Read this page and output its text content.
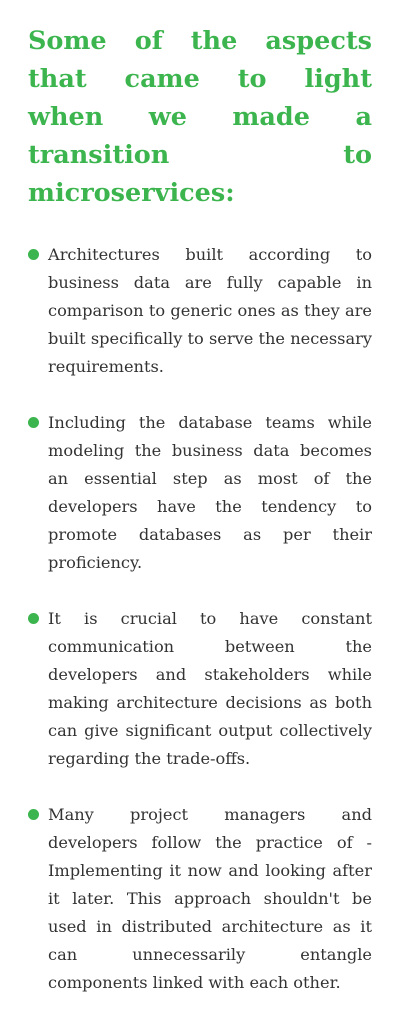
Some of the aspects that came to light when we made a transition to microservices:
Architectures built according to business data are fully capable in comparison to generic ones as they are built specifically to serve the necessary requirements.
Including the database teams while modeling the business data becomes an essential step as most of the developers have the tendency to promote databases as per their proficiency.
It is crucial to have constant communication between the developers and stakeholders while making architecture decisions as both can give significant output collectively regarding the trade-offs.
Many project managers and developers follow the practice of - Implementing it now and looking after it later. This approach shouldn't be used in distributed architecture as it can unnecessarily entangle components linked with each other.
